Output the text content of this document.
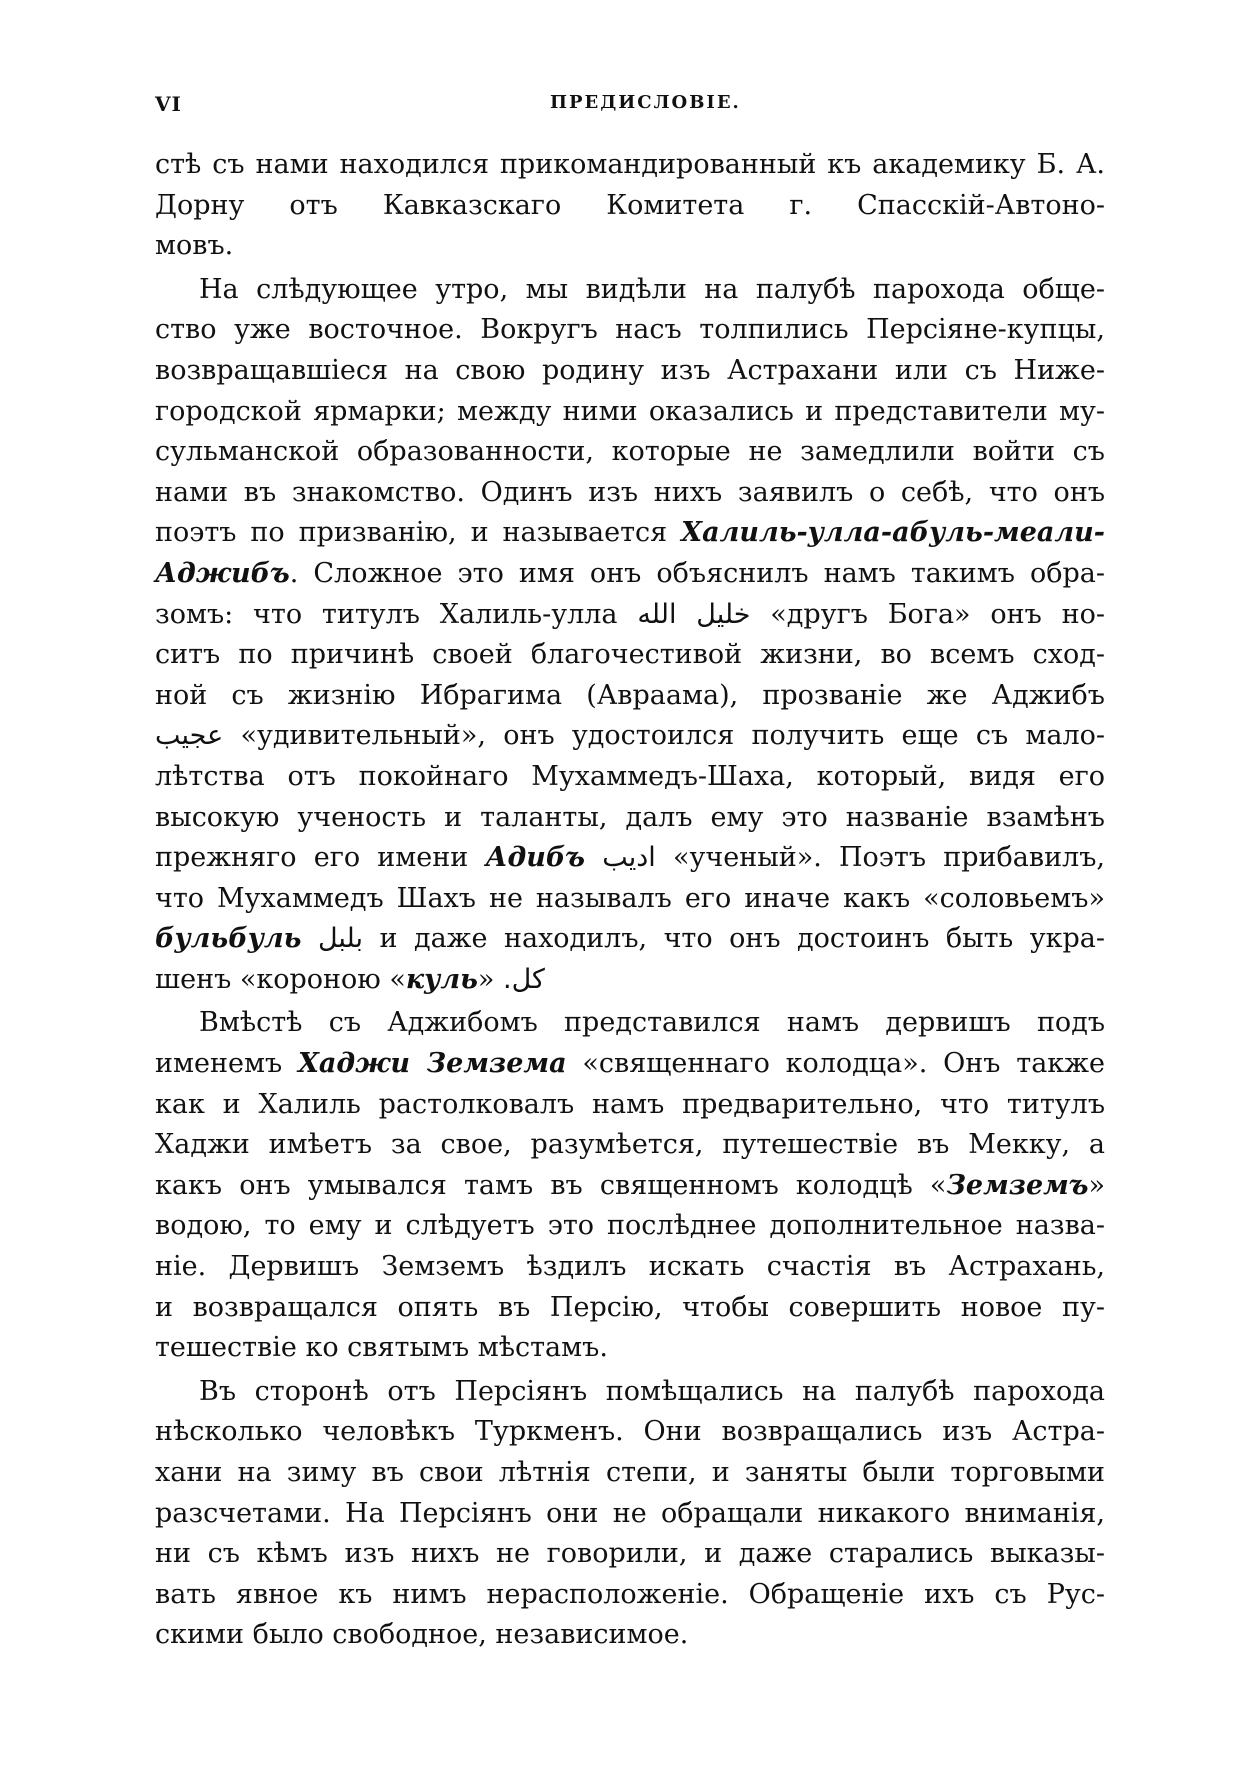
VI	ПРЕДИСЛОВІЕ.
стѣ съ нами находился прикомандированный къ академику Б. А.
Дорну отъ Кавказскаго Комитета г. Спасскій-Автоно-
мовъ.
На слѣдующее утро, мы видѣли на палубѣ парохода обще-
ство уже восточное. Вокругъ насъ толпились Персіяне-купцы,
возвращавшіеся на свою родину изъ Астрахани или съ Ниже-
городской ярмарки; между ними оказались и представители му-
сульманской образованности, которые не замедлили войти съ
нами въ знакомство. Одинъ изъ нихъ заявилъ о себѣ, что онъ
поэтъ по призванію, и называется Халиль-улла-абуль-меали-
Аджибъ. Сложное это имя онъ объяснилъ намъ такимъ обра-
зомъ: что титулъ Халиль-улла خليل الله «другъ Бога» онъ но-
ситъ по причинѣ своей благочестивой жизни, во всемъ сход-
ной съ жизнію Ибрагима (Авраама), прозваніе же Аджибъ
عجيب «удивительный», онъ удостоился получить еще съ мало-
лѣтства отъ покойнаго Мухаммедъ-Шаха, который, видя его
высокую ученость и таланты, далъ ему это названіе взамѣнъ
прежняго его имени Адибъ اديب «ученый». Поэтъ прибавилъ,
что Мухаммедъ Шахъ не называлъ его иначе какъ «соловьемъ»
бульбуль بلبل и даже находилъ, что онъ достоинъ быть укра-
шенъ «короною «куль» کل.
Вмѣстѣ съ Аджибомъ представился намъ дервишъ подъ
именемъ Хаджи Земзема «священнаго колодца». Онъ также
как и Халиль растолковалъ намъ предварительно, что титулъ
Хаджи имѣетъ за свое, разумѣется, путешествіе въ Мекку, а
какъ онъ умывался тамъ въ священномъ колодцѣ «Земземъ»
водою, то ему и слѣдуетъ это послѣднее дополнительное назва-
ніе. Дервишъ Земземъ ѣздилъ искать счастія въ Астрахань,
и возвращался опять въ Персію, чтобы совершить новое пу-
тешествіе ко святымъ мѣстамъ.
Въ сторонѣ отъ Персіянъ помѣщались на палубѣ парохода
нѣсколько человѣкъ Туркменъ. Они возвращались изъ Астра-
хани на зиму въ свои лѣтнія степи, и заняты были торговыми
разсчетами. На Персіянъ они не обращали никакого вниманія,
ни съ кѣмъ изъ нихъ не говорили, и даже старались выказы-
вать явное къ нимъ нерасположеніе. Обращеніе ихъ съ Рус-
скими было свободное, независимое.
